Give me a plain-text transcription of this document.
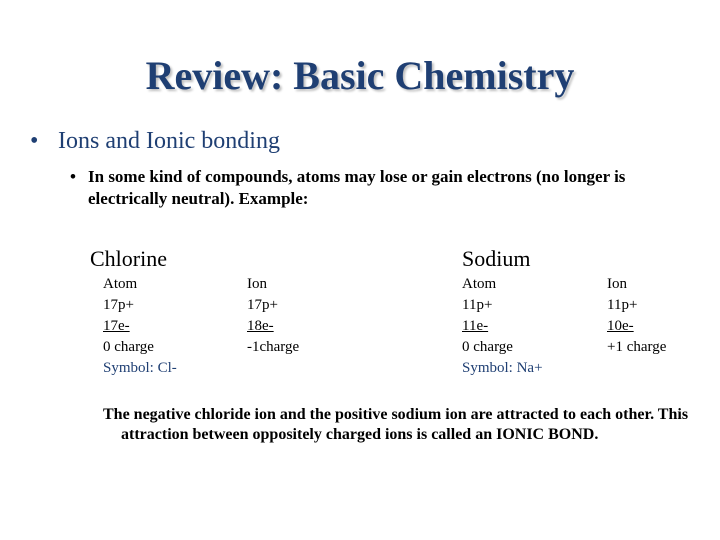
Review: Basic Chemistry
• Ions and Ionic bonding
• In some kind of compounds, atoms may lose or gain electrons (no longer is electrically neutral). Example:
Chlorine	Sodium
Atom
17p+
17e-
0 charge
Symbol: Cl-
Ion
17p+
18e-
-1charge
Atom
11p+
11e-
0 charge
Symbol: Na+
Ion
11p+
10e-
+1 charge
The negative chloride ion and the positive sodium ion are attracted to each other. This attraction between oppositely charged ions is called an IONIC BOND.
